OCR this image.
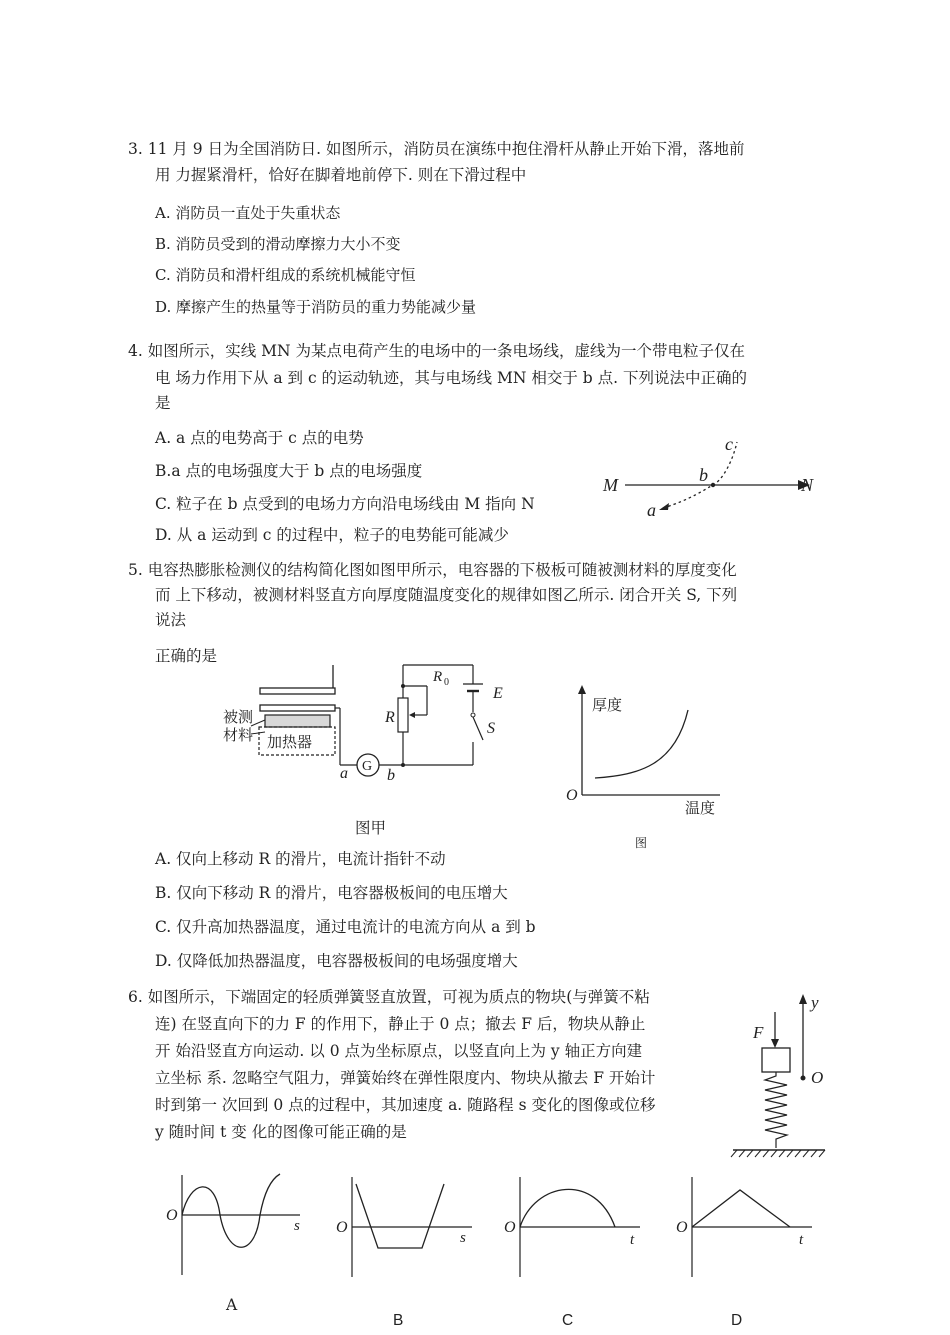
3. 11 月 9 日为全国消防日. 如图所示，消防员在演练中抱住滑杆从静止开始下滑，落地前
用 力握紧滑杆，恰好在脚着地前停下. 则在下滑过程中
A. 消防员一直处于失重状态
B. 消防员受到的滑动摩擦力大小不变
C. 消防员和滑杆组成的系统机械能守恒
D. 摩擦产生的热量等于消防员的重力势能减少量
4. 如图所示，实线 MN 为某点电荷产生的电场中的一条电场线，虚线为一个带电粒子仅在
电 场力作用下从 a 到 c 的运动轨迹，其与电场线 MN 相交于 b 点. 下列说法中正确的
是
A. a 点的电势高于 c 点的电势
B.a 点的电场强度大于 b 点的电场强度
C. 粒子在 b 点受到的电场力方向沿电场线由 M 指向 N
D. 从 a 运动到 c 的过程中，粒子的电势能可能减少
M	N
a
b
c
5. 电容热膨胀检测仪的结构简化图如图甲所示，电容器的下极板可随被测材料的厚度变化
而 上下移动，被测材料竖直方向厚度随温度变化的规律如图乙所示. 闭合开关 S, 下列
说法
正确的是
加热器
被测
材料
G
a b
R
R 0
E
S
图甲
厚度
温度
O
图
A. 仅向上移动 R 的滑片，电流计指针不动
B. 仅向下移动 R 的滑片，电容器极板间的电压增大
C. 仅升高加热器温度，通过电流计的电流方向从 a 到 b
D. 仅降低加热器温度，电容器极板间的电场强度增大
6. 如图所示，下端固定的轻质弹簧竖直放置，可视为质点的物块(与弹簧不粘
连) 在竖直向下的力 F 的作用下，静止于 0 点；撤去 F 后，物块从静止
开 始沿竖直方向运动. 以 0 点为坐标原点，以竖直向上为 y 轴正方向建
立坐标 系. 忽略空气阻力，弹簧始终在弹性限度内、物块从撤去 F 开始计
时到第一 次回到 0 点的过程中，其加速度 a. 随路程 s 变化的图像或位移
y 随时间 t 变 化的图像可能正确的是
y
O
F
O
s
A
O
s
B
O
t
C
O
t
D
